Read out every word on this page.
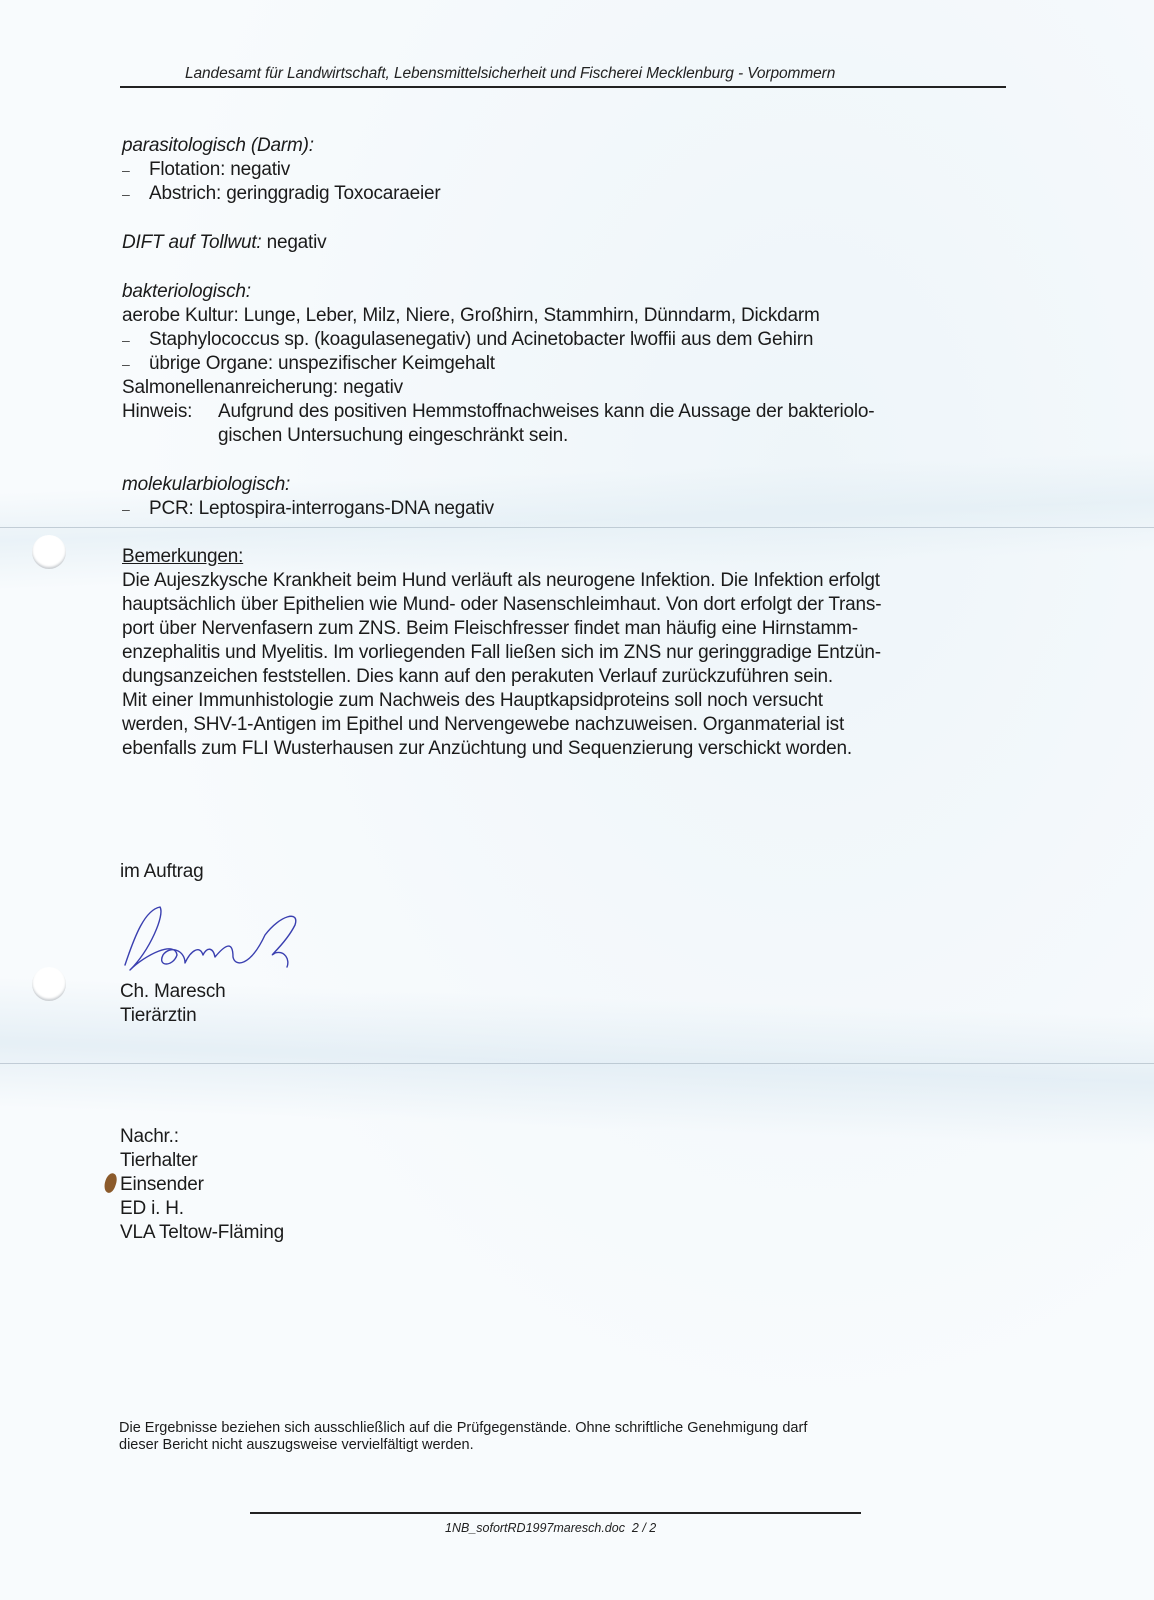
Landesamt für Landwirtschaft, Lebensmittelsicherheit und Fischerei Mecklenburg - Vorpommern
parasitologisch (Darm):
– Flotation: negativ
– Abstrich: geringgradig Toxocaraeier
DIFT auf Tollwut: negativ
bakteriologisch:
aerobe Kultur: Lunge, Leber, Milz, Niere, Großhirn, Stammhirn, Dünndarm, Dickdarm
– Staphylococcus sp. (koagulasenegativ) und Acinetobacter lwoffii aus dem Gehirn
– übrige Organe: unspezifischer Keimgehalt
Salmonellenanreicherung: negativ
Hinweis: Aufgrund des positiven Hemmstoffnachweises kann die Aussage der bakteriolo-
gischen Untersuchung eingeschränkt sein.
molekularbiologisch:
– PCR: Leptospira-interrogans-DNA negativ
Bemerkungen:
Die Aujeszkysche Krankheit beim Hund verläuft als neurogene Infektion. Die Infektion erfolgt
hauptsächlich über Epithelien wie Mund- oder Nasenschleimhaut. Von dort erfolgt der Trans-
port über Nervenfasern zum ZNS. Beim Fleischfresser findet man häufig eine Hirnstamm-
enzephalitis und Myelitis. Im vorliegenden Fall ließen sich im ZNS nur geringgradige Entzün-
dungsanzeichen feststellen. Dies kann auf den perakuten Verlauf zurückzuführen sein.
Mit einer Immunhistologie zum Nachweis des Hauptkapsidproteins soll noch versucht
werden, SHV-1-Antigen im Epithel und Nervengewebe nachzuweisen. Organmaterial ist
ebenfalls zum FLI Wusterhausen zur Anzüchtung und Sequenzierung verschickt worden.
im Auftrag
Ch. Maresch
Tierärztin
Nachr.:
Tierhalter
Einsender
ED i. H.
VLA Teltow-Fläming
Die Ergebnisse beziehen sich ausschließlich auf die Prüfgegenstände. Ohne schriftliche Genehmigung darf
dieser Bericht nicht auszugsweise vervielfältigt werden.
1NB_sofortRD1997maresch.doc 2 / 2
